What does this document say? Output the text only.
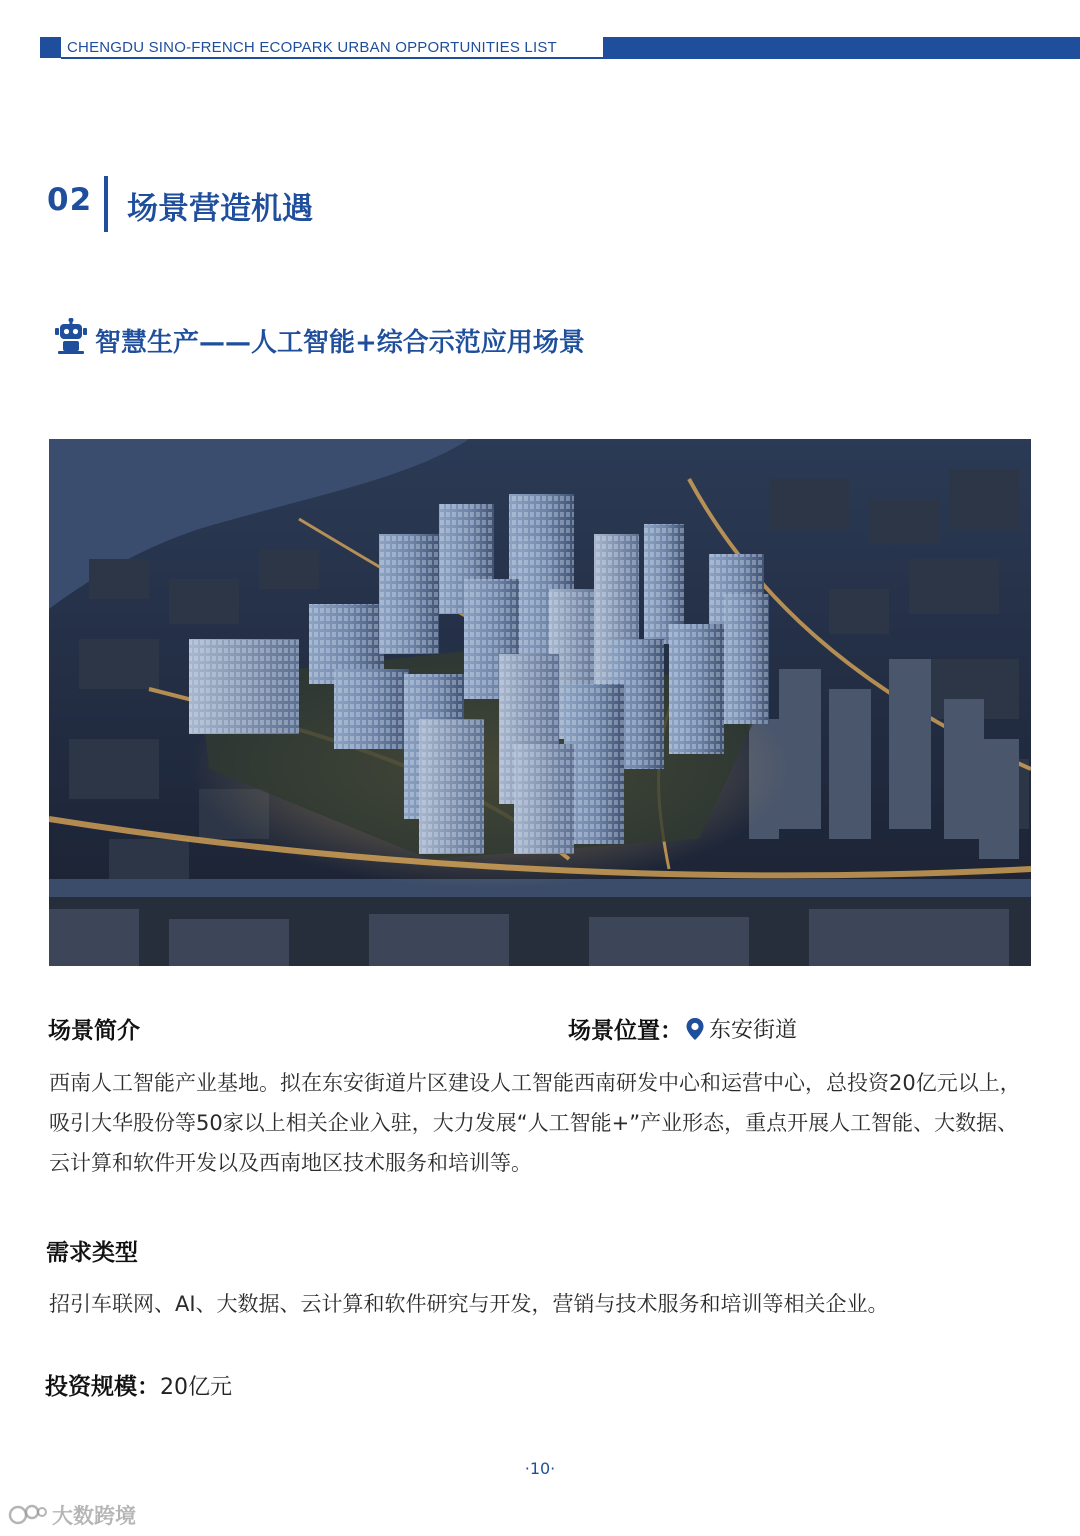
CHENGDU SINO-FRENCH ECOPARK URBAN OPPORTUNITIES LIST
02 场景营造机遇
智慧生产——人工智能+综合示范应用场景
场景简介	场景位置： 东安街道

西南人工智能产业基地。拟在东安街道片区建设人工智能西南研发中心和运营中心，总投资20亿元以上，吸引大华股份等50家以上相关企业入驻，大力发展“人工智能+”产业形态，重点开展人工智能、大数据、云计算和软件开发以及西南地区技术服务和培训等。

需求类型

招引车联网、AI、大数据、云计算和软件研究与开发，营销与技术服务和培训等相关企业。

投资规模： 20亿元
·10·
大数跨境
